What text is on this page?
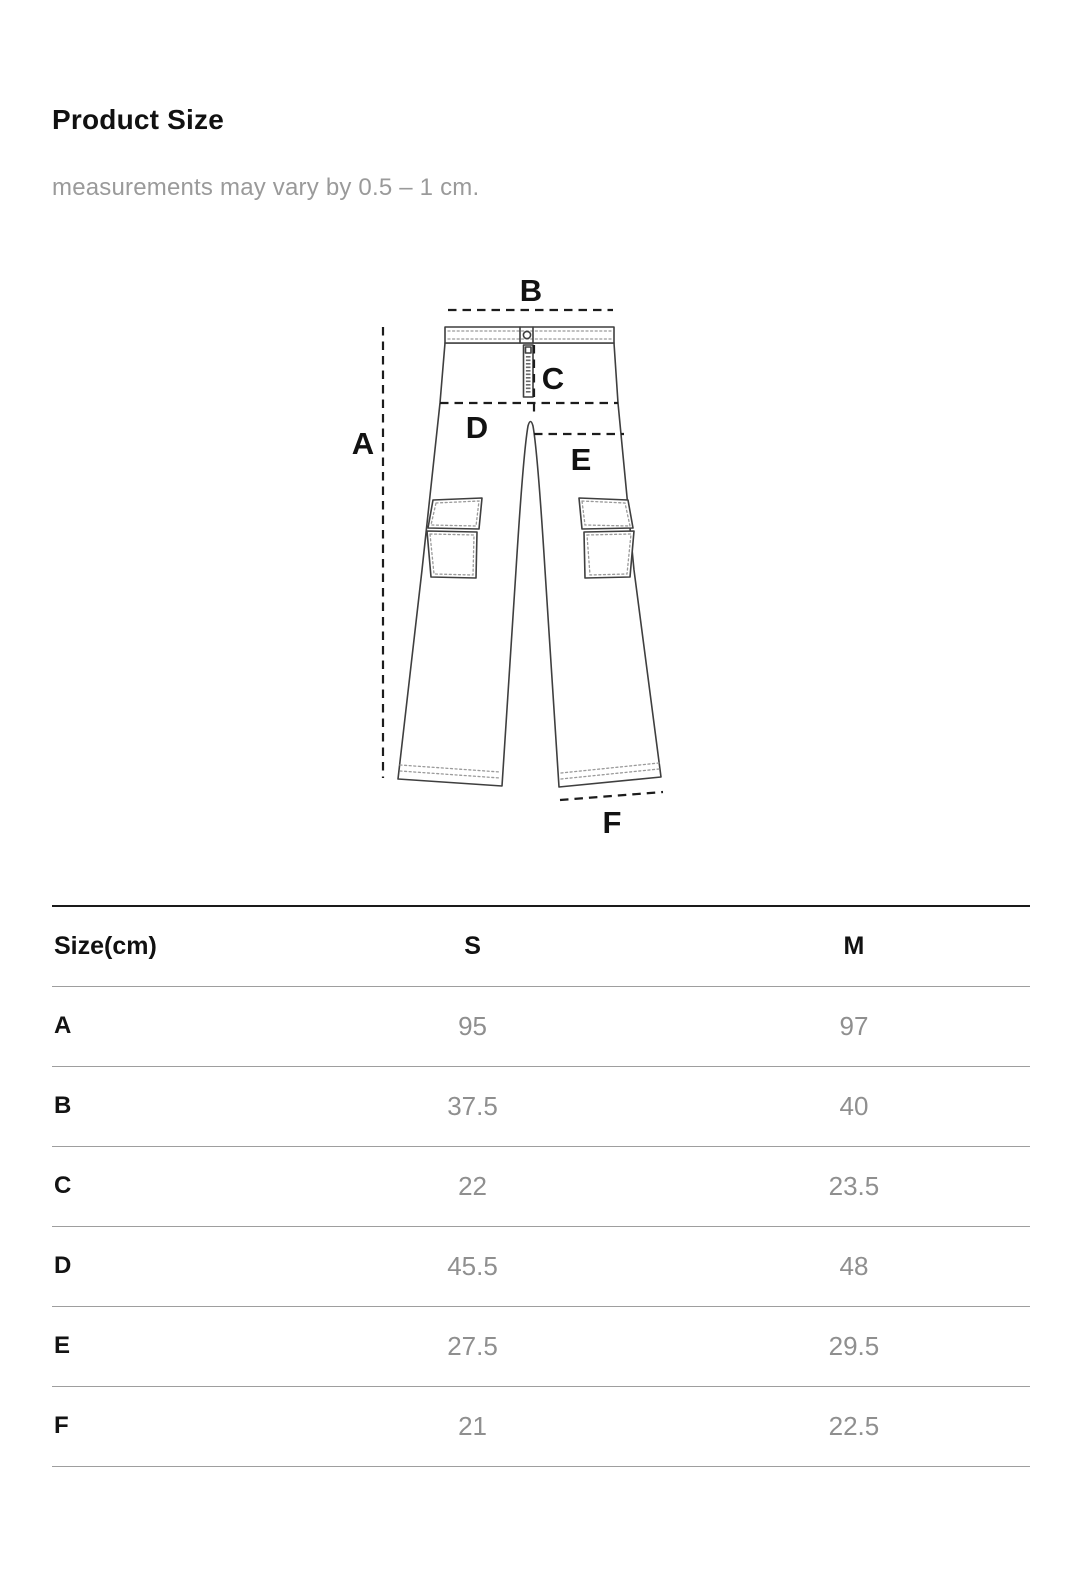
Product Size
measurements may vary by 0.5 – 1 cm.
A
B
C
D
E
F
Size(cm)	S	M
A	95	97
B	37.5	40
C	22	23.5
D	45.5	48
E	27.5	29.5
F	21	22.5
